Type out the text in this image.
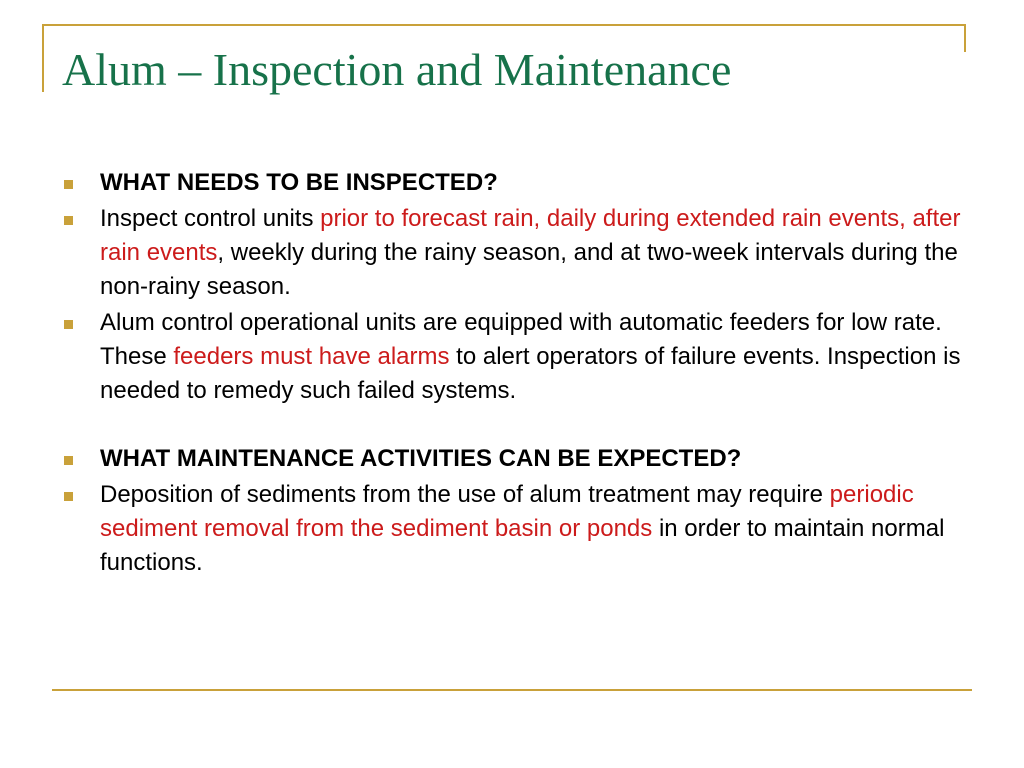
Alum – Inspection and Maintenance
WHAT NEEDS TO BE INSPECTED?
Inspect control units prior to forecast rain, daily during extended rain events, after rain events, weekly during the rainy season, and at two-week intervals during the non-rainy season.
Alum control operational units are equipped with automatic feeders for low rate. These feeders must have alarms to alert operators of failure events. Inspection is needed to remedy such failed systems.
WHAT MAINTENANCE ACTIVITIES CAN BE EXPECTED?
Deposition of sediments from the use of alum treatment may require periodic sediment removal from the sediment basin or ponds in order to maintain normal functions.
